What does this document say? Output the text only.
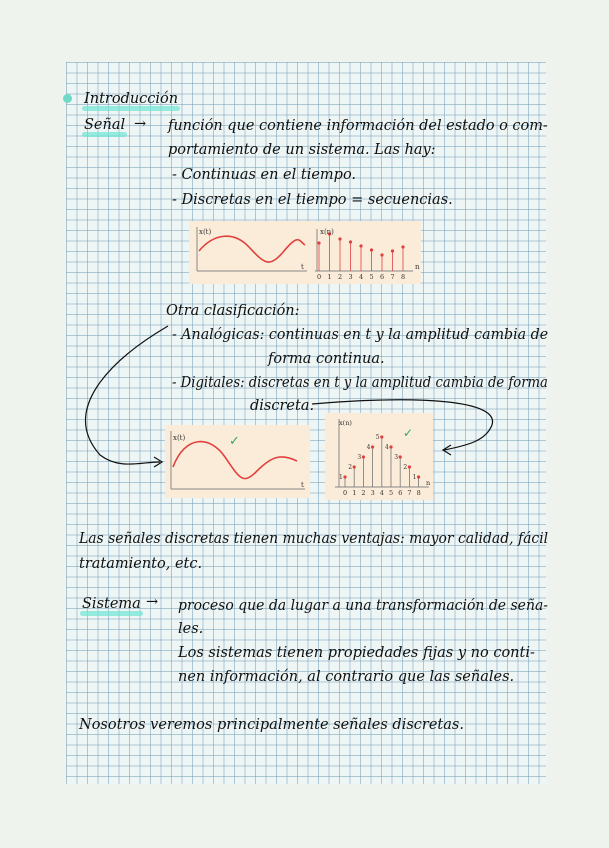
Introducción

Señal → función que contiene información del estado o com-

portamiento de un sistema. Las hay:

- Continuas en el tiempo.

- Discretas en el tiempo = secuencias.

x(t)
t
0 1 2 3 4 5 6 7 8
x(n)
n

Otra clasificación:

- Analógicas: continuas en t y la amplitud cambia de

forma continua.

- Digitales: discretas en t y la amplitud cambia de forma

discreta.

x(t)
t
✓
x(n)
n
1
0
2
1
3
2
4
3
5
4
4
5
3
6
2
7
1
8
✓

Las señales discretas tienen muchas ventajas: mayor calidad, fácil

tratamiento, etc.

Sistema → proceso que da lugar a una transformación de seña-

les.

Los sistemas tienen propiedades fijas y no conti-

nen información, al contrario que las señales.

Nosotros veremos principalmente señales discretas.
